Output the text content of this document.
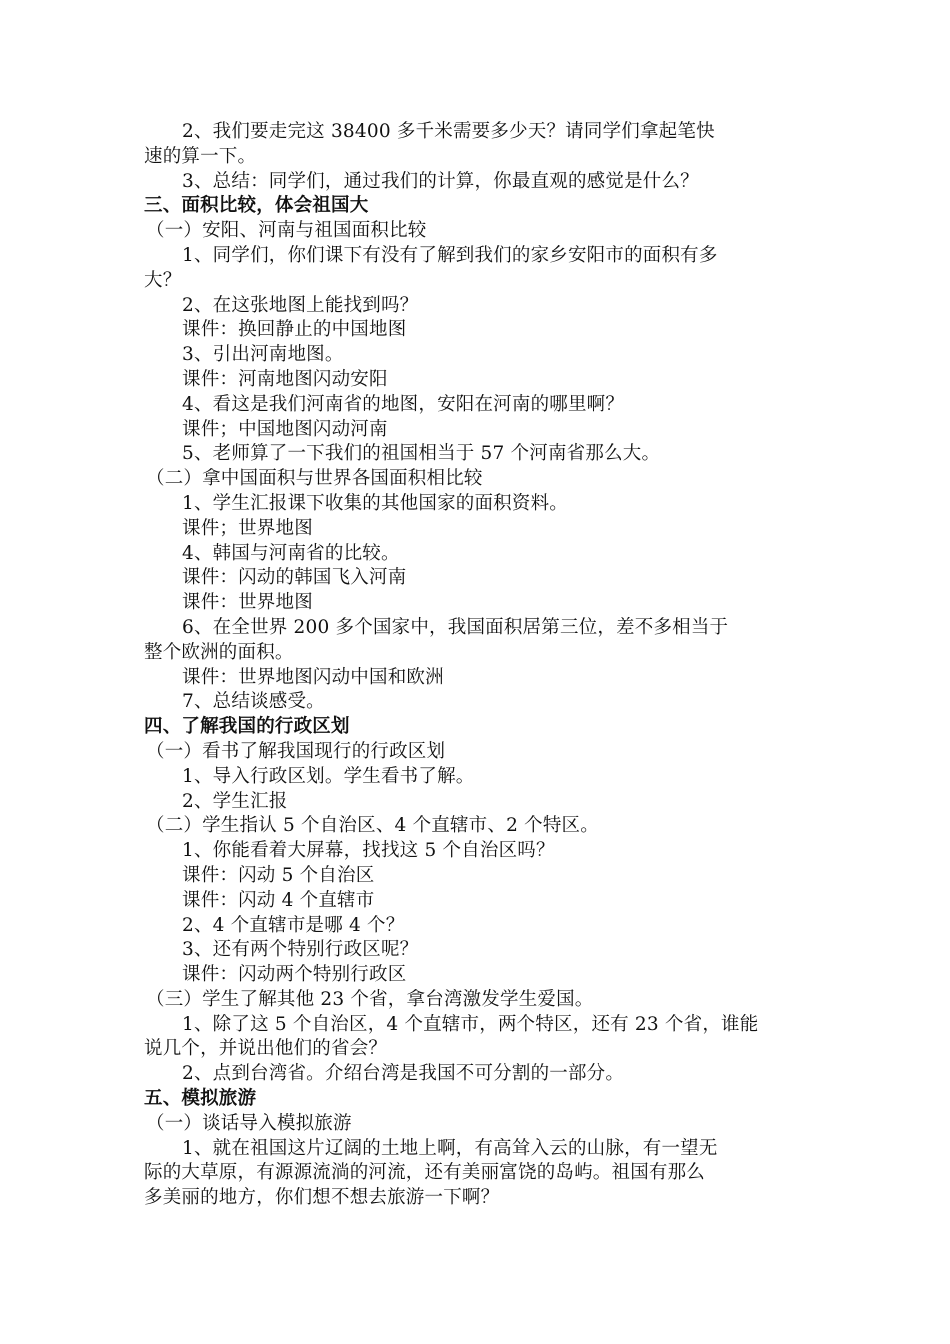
2、我们要走完这 38400 多千米需要多少天？请同学们拿起笔快
速的算一下。
3、总结：同学们，通过我们的计算，你最直观的感觉是什么？
三、面积比较，体会祖国大
（一）安阳、河南与祖国面积比较
1、同学们，你们课下有没有了解到我们的家乡安阳市的面积有多
大？
2、在这张地图上能找到吗？
课件：换回静止的中国地图
3、引出河南地图。
课件：河南地图闪动安阳
4、看这是我们河南省的地图，安阳在河南的哪里啊？
课件；中国地图闪动河南
5、老师算了一下我们的祖国相当于 57 个河南省那么大。
（二）拿中国面积与世界各国面积相比较
1、学生汇报课下收集的其他国家的面积资料。
课件；世界地图
4、韩国与河南省的比较。
课件：闪动的韩国飞入河南
课件：世界地图
6、在全世界 200 多个国家中，我国面积居第三位，差不多相当于
整个欧洲的面积。
课件：世界地图闪动中国和欧洲
7、总结谈感受。
四、了解我国的行政区划
（一）看书了解我国现行的行政区划
1、导入行政区划。学生看书了解。
2、学生汇报
（二）学生指认 5 个自治区、4 个直辖市、2 个特区。
1、你能看着大屏幕，找找这 5 个自治区吗？
课件：闪动 5 个自治区
课件：闪动 4 个直辖市
2、4 个直辖市是哪 4 个？
3、还有两个特别行政区呢？
课件：闪动两个特别行政区
（三）学生了解其他 23 个省，拿台湾激发学生爱国。
1、除了这 5 个自治区，4 个直辖市，两个特区，还有 23 个省，谁能
说几个，并说出他们的省会？
2、点到台湾省。介绍台湾是我国不可分割的一部分。
五、模拟旅游
（一）谈话导入模拟旅游
1、就在祖国这片辽阔的土地上啊，有高耸入云的山脉，有一望无
际的大草原，有源源流淌的河流，还有美丽富饶的岛屿。祖国有那么
多美丽的地方，你们想不想去旅游一下啊？
